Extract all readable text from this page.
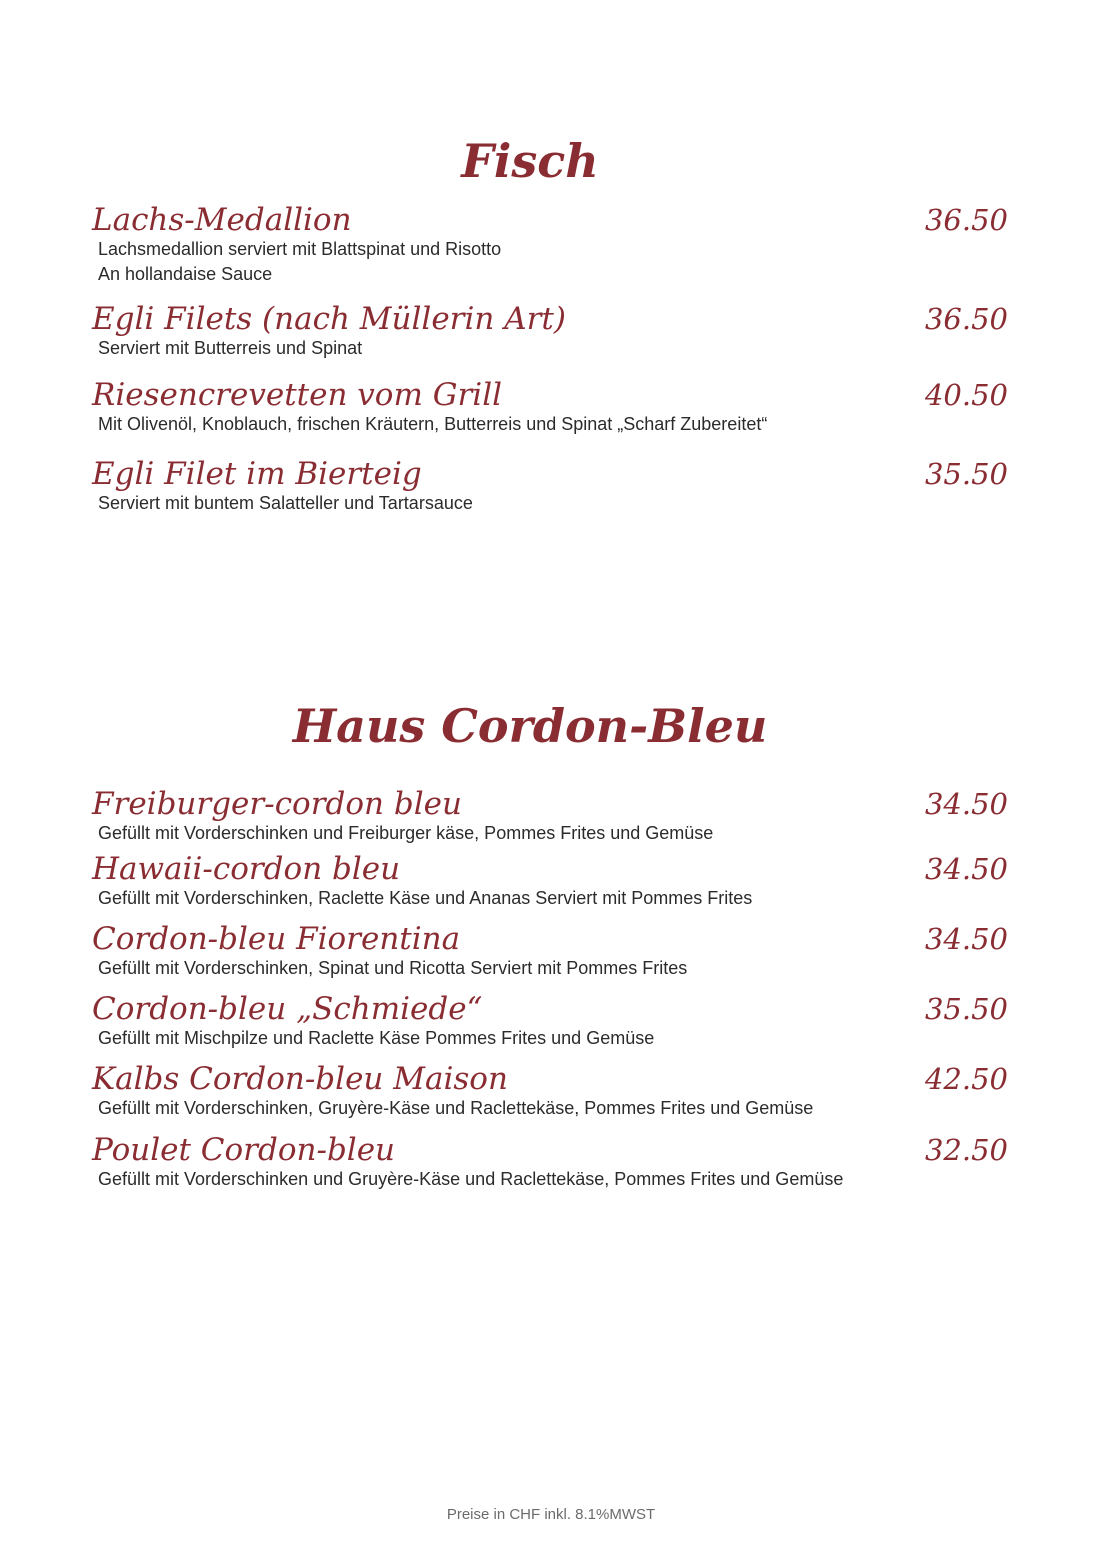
Fisch
Lachs-Medallion	36.50
Lachsmedallion serviert mit Blattspinat und Risotto
An hollandaise Sauce
Egli Filets (nach Müllerin Art)	36.50
Serviert mit Butterreis und Spinat
Riesencrevetten vom Grill	40.50
Mit Olivenöl, Knoblauch, frischen Kräutern, Butterreis und Spinat „Scharf Zubereitet“
Egli Filet im Bierteig	35.50
Serviert mit buntem Salatteller und Tartarsauce
Haus Cordon-Bleu
Freiburger-cordon bleu	34.50
Gefüllt mit Vorderschinken und Freiburger käse, Pommes Frites und Gemüse
Hawaii-cordon bleu	34.50
Gefüllt mit Vorderschinken, Raclette Käse und Ananas Serviert mit Pommes Frites
Cordon-bleu Fiorentina	34.50
Gefüllt mit Vorderschinken, Spinat und Ricotta Serviert mit Pommes Frites
Cordon-bleu „Schmiede“	35.50
Gefüllt mit Mischpilze und Raclette Käse Pommes Frites und Gemüse
Kalbs Cordon-bleu Maison	42.50
Gefüllt mit Vorderschinken, Gruyère-Käse und Raclettekäse, Pommes Frites und Gemüse
Poulet Cordon-bleu	32.50
Gefüllt mit Vorderschinken und Gruyère-Käse und Raclettekäse, Pommes Frites und Gemüse
Preise in CHF inkl. 8.1%MWST
